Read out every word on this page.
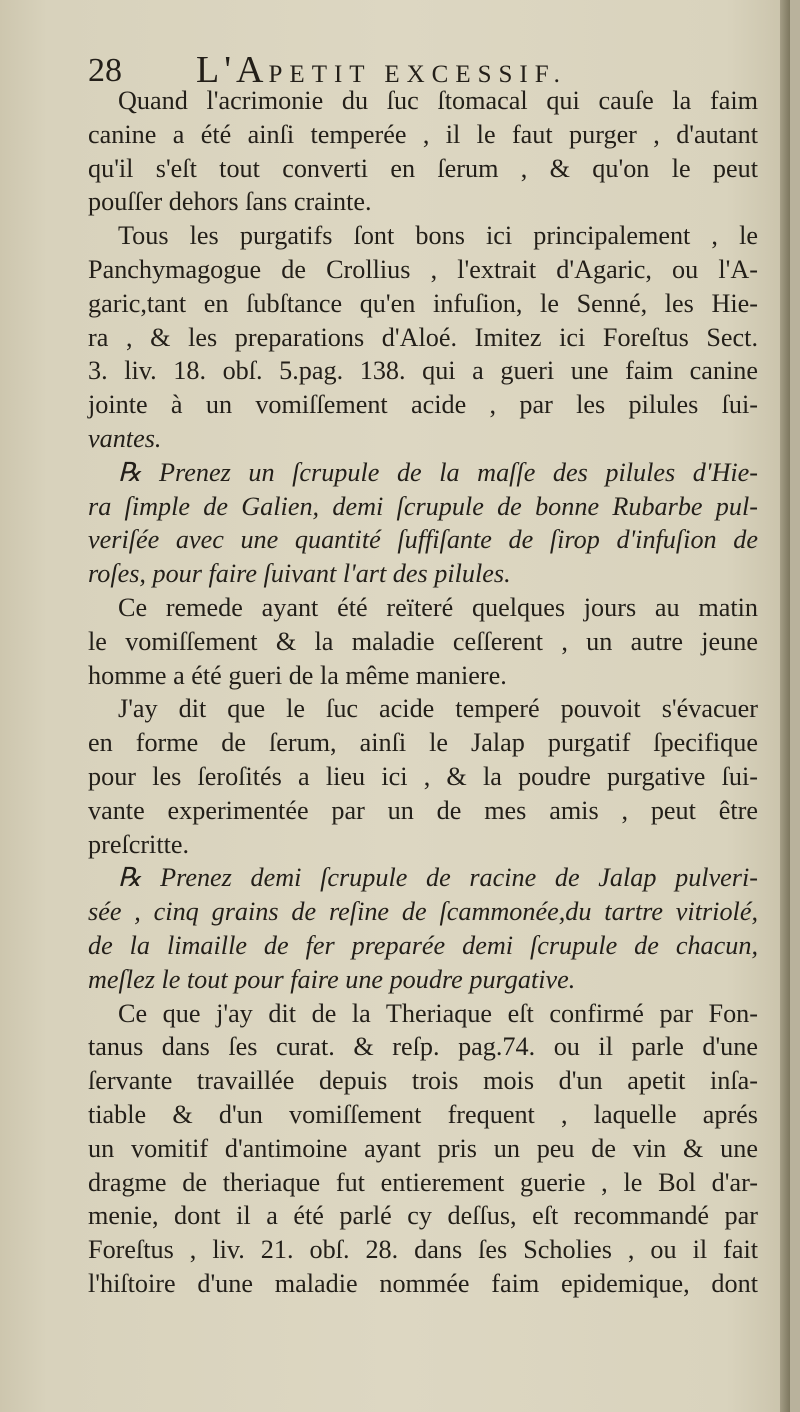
28 L'APETIT EXCESSIF.
Quand l'acrimonie du ſuc ſtomacal qui cauſe la faim
canine a été ainſi temperée , il le faut purger , d'autant
qu'il s'eſt tout converti en ſerum , & qu'on le peut
pouſſer dehors ſans crainte.
Tous les purgatifs ſont bons ici principalement , le
Panchymagogue de Crollius , l'extrait d'Agaric, ou l'A-
garic,tant en ſubſtance qu'en infuſion, le Senné, les Hie-
ra , & les preparations d'Aloé. Imitez ici Foreſtus Sect.
3. liv. 18. obſ. 5.pag. 138. qui a gueri une faim canine
jointe à un vomiſſement acide , par les pilules ſui-
vantes.
℞ Prenez un ſcrupule de la maſſe des pilules d'Hie-
ra ſimple de Galien, demi ſcrupule de bonne Rubarbe pul-
veriſée avec une quantité ſuffiſante de ſirop d'infuſion de
roſes, pour faire ſuivant l'art des pilules.
Ce remede ayant été reïteré quelques jours au matin
le vomiſſement & la maladie ceſſerent , un autre jeune
homme a été gueri de la même maniere.
J'ay dit que le ſuc acide temperé pouvoit s'évacuer
en forme de ſerum, ainſi le Jalap purgatif ſpecifique
pour les ſeroſités a lieu ici , & la poudre purgative ſui-
vante experimentée par un de mes amis , peut être
preſcritte.
℞ Prenez demi ſcrupule de racine de Jalap pulveri-
sée , cinq grains de reſine de ſcammonée,du tartre vitriolé,
de la limaille de fer preparée demi ſcrupule de chacun,
meſlez le tout pour faire une poudre purgative.
Ce que j'ay dit de la Theriaque eſt confirmé par Fon-
tanus dans ſes curat. & reſp. pag.74. ou il parle d'une
ſervante travaillée depuis trois mois d'un apetit inſa-
tiable & d'un vomiſſement frequent , laquelle aprés
un vomitif d'antimoine ayant pris un peu de vin & une
dragme de theriaque fut entierement guerie , le Bol d'ar-
menie, dont il a été parlé cy deſſus, eſt recommandé par
Foreſtus , liv. 21. obſ. 28. dans ſes Scholies , ou il fait
l'hiſtoire d'une maladie nommée faim epidemique, dont
